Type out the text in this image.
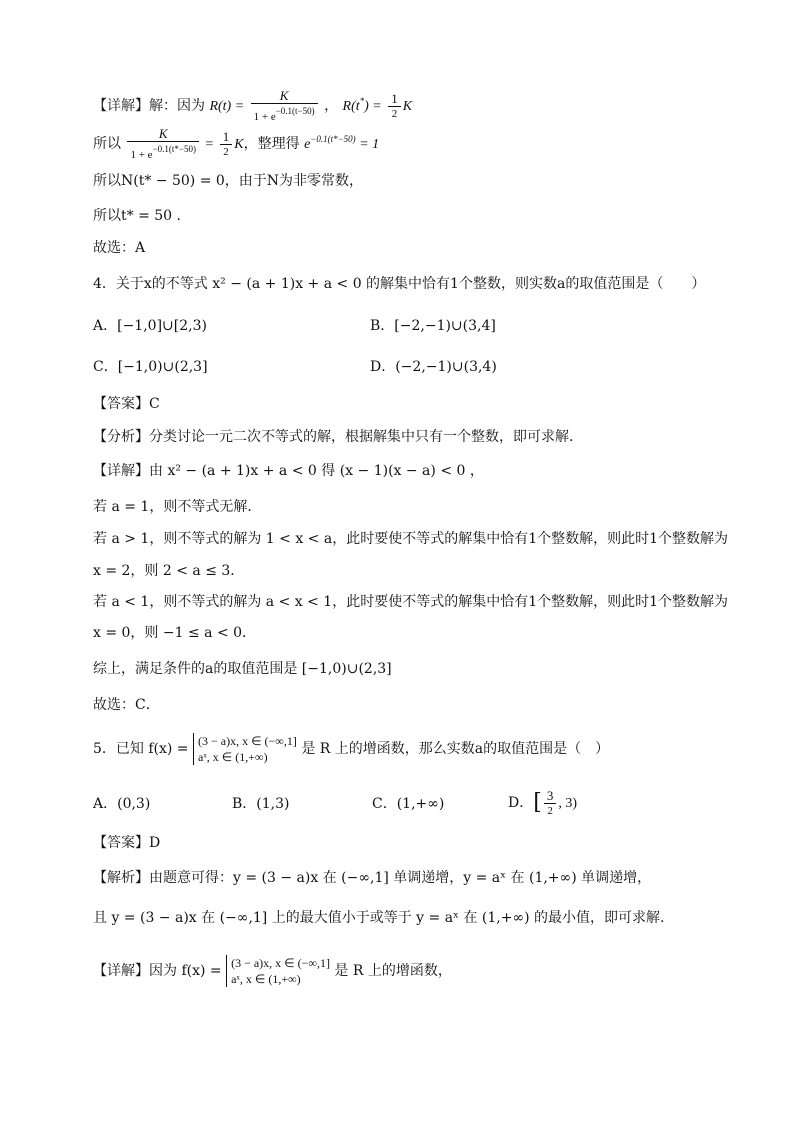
【详解】解：因为 $R(t) = \frac{K}{1 + e^{-0.1(t-50)}}$ ， $R(t^*) = \frac{1}{2}$ K
所以 $\frac{K}{1 + e^{-0.1(t*-50)}} = \frac{1}{2}$ K，整理得 $e^{-0.1(t*-50)} = 1$
所以N(t* − 50) = 0，由于N为非零常数，
所以t* = 50 .
故选：A
4．关于x的不等式 x² − (a + 1)x + a < 0 的解集中恰有1个整数，则实数a的取值范围是（　　）
A．[−1,0]∪[2,3)	B．[−2,−1)∪(3,4]
C．[−1,0)∪(2,3]	D．(−2,−1)∪(3,4)
【答案】C
【分析】分类讨论一元二次不等式的解，根据解集中只有一个整数，即可求解.
【详解】由 x² − (a + 1)x + a < 0 得 (x − 1)(x − a) < 0 ，
若 a = 1，则不等式无解．
若 a > 1，则不等式的解为 1 < x < a，此时要使不等式的解集中恰有1个整数解，则此时1个整数解为
x = 2，则 2 < a ≤ 3．
若 a < 1，则不等式的解为 a < x < 1，此时要使不等式的解集中恰有1个整数解，则此时1个整数解为
x = 0，则 −1 ≤ a < 0．
综上，满足条件的a的取值范围是 [−1,0)∪(2,3]
故选：C．
5．已知 f(x) = (3 − a)x, x ∈ (−∞,1]
aˣ, x ∈ (1,+∞) 是 R 上的增函数，那么实数a的取值范围是（　）
A．(0,3)	B．(1,3)	C．(1,+∞)	D．[ $\frac{3}{2}$ , 3)
【答案】D
【解析】由题意可得：y = (3 − a)x 在 (−∞,1] 单调递增，y = aˣ 在 (1,+∞) 单调递增，
且 y = (3 − a)x 在 (−∞,1] 上的最大值小于或等于 y = aˣ 在 (1,+∞) 的最小值，即可求解.
【详解】因为 f(x) = (3 − a)x, x ∈ (−∞,1]
aˣ, x ∈ (1,+∞) 是 R 上的增函数，
